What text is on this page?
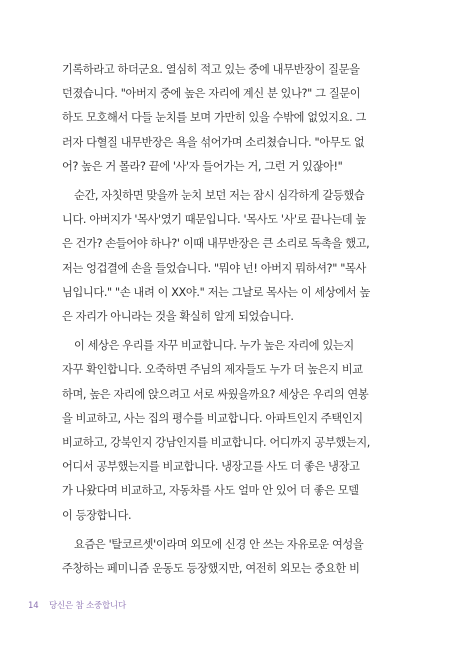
기록하라고 하더군요. 열심히 적고 있는 중에 내무반장이 질문을
던졌습니다. "아버지 중에 높은 자리에 계신 분 있나?" 그 질문이
하도 모호해서 다들 눈치를 보며 가만히 있을 수밖에 없었지요. 그
러자 다혈질 내무반장은 욕을 섞어가며 소리쳤습니다. "아무도 없
어? 높은 거 몰라? 끝에 '사'자 들어가는 거, 그런 거 있잖아!"

순간, 자칫하면 맞을까 눈치 보던 저는 잠시 심각하게 갈등했습
니다. 아버지가 '목사'였기 때문입니다. '목사도 '사'로 끝나는데 높
은 건가? 손들어야 하나?' 이때 내무반장은 큰 소리로 독촉을 했고,
저는 엉겁결에 손을 들었습니다. "뭐야 넌! 아버지 뭐하셔?" "목사
님입니다." "손 내려 이 XX야." 저는 그날로 목사는 이 세상에서 높
은 자리가 아니라는 것을 확실히 알게 되었습니다.

이 세상은 우리를 자꾸 비교합니다. 누가 높은 자리에 있는지
자꾸 확인합니다. 오죽하면 주님의 제자들도 누가 더 높은지 비교
하며, 높은 자리에 앉으려고 서로 싸웠을까요? 세상은 우리의 연봉
을 비교하고, 사는 집의 평수를 비교합니다. 아파트인지 주택인지
비교하고, 강북인지 강남인지를 비교합니다. 어디까지 공부했는지,
어디서 공부했는지를 비교합니다. 냉장고를 사도 더 좋은 냉장고
가 나왔다며 비교하고, 자동차를 사도 얼마 안 있어 더 좋은 모델
이 등장합니다.

요즘은 '탈코르셋'이라며 외모에 신경 안 쓰는 자유로운 여성을
주창하는 페미니즘 운동도 등장했지만, 여전히 외모는 중요한 비

14 당신은 참 소중합니다
